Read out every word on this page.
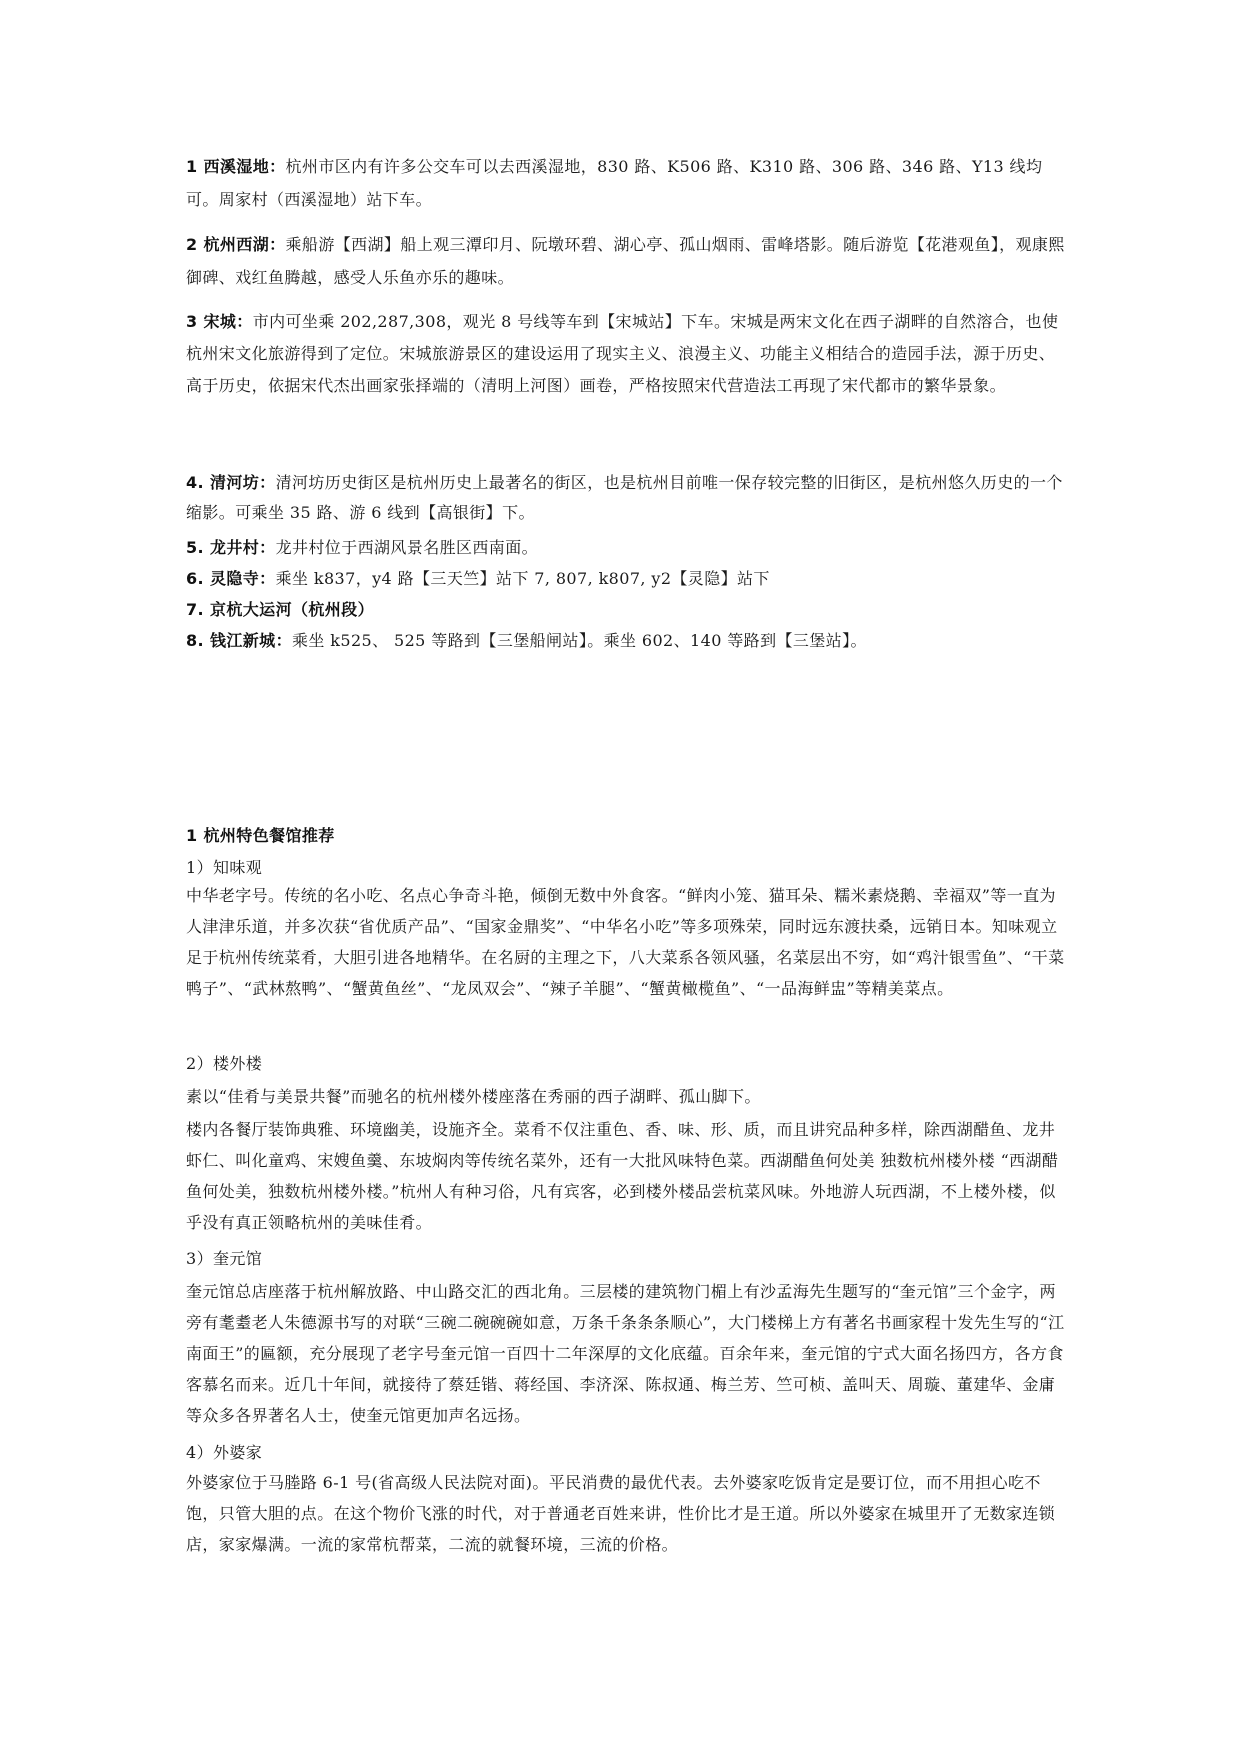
1 西溪湿地：杭州市区内有许多公交车可以去西溪湿地，830 路、K506 路、K310 路、306 路、346 路、Y13 线均可。周家村（西溪湿地）站下车。
2 杭州西湖：乘船游【西湖】船上观三潭印月、阮墩环碧、湖心亭、孤山烟雨、雷峰塔影。随后游览【花港观鱼】，观康熙御碑、戏红鱼腾越，感受人乐鱼亦乐的趣味。
3 宋城：市内可坐乘 202,287,308，观光 8 号线等车到【宋城站】下车。宋城是两宋文化在西子湖畔的自然溶合，也使杭州宋文化旅游得到了定位。宋城旅游景区的建设运用了现实主义、浪漫主义、功能主义相结合的造园手法，源于历史、高于历史，依据宋代杰出画家张择端的（清明上河图）画卷，严格按照宋代营造法工再现了宋代都市的繁华景象。
4. 清河坊：清河坊历史街区是杭州历史上最著名的街区，也是杭州目前唯一保存较完整的旧街区，是杭州悠久历史的一个缩影。可乘坐 35 路、游 6 线到【高银街】下。
5. 龙井村：龙井村位于西湖风景名胜区西南面。
6. 灵隐寺：乘坐 k837，y4 路【三天竺】站下 7, 807, k807, y2【灵隐】站下
7. 京杭大运河（杭州段）
8. 钱江新城：乘坐 k525、 525 等路到【三堡船闸站】。乘坐 602、140 等路到【三堡站】。
1 杭州特色餐馆推荐
1）知味观
中华老字号。传统的名小吃、名点心争奇斗艳，倾倒无数中外食客。“鲜肉小笼、猫耳朵、糯米素烧鹅、幸福双”等一直为人津津乐道，并多次获“省优质产品”、“国家金鼎奖”、“中华名小吃”等多项殊荣，同时远东渡扶桑，远销日本。知味观立足于杭州传统菜肴，大胆引进各地精华。在名厨的主理之下，八大菜系各领风骚，名菜层出不穷，如“鸡汁银雪鱼”、“干菜鸭子”、“武林熬鸭”、“蟹黄鱼丝”、“龙凤双会”、“辣子羊腿”、“蟹黄橄榄鱼”、“一品海鲜盅”等精美菜点。
2）楼外楼
素以“佳肴与美景共餐”而驰名的杭州楼外楼座落在秀丽的西子湖畔、孤山脚下。
楼内各餐厅装饰典雅、环境幽美，设施齐全。菜肴不仅注重色、香、味、形、质，而且讲究品种多样，除西湖醋鱼、龙井虾仁、叫化童鸡、宋嫂鱼羹、东坡焖肉等传统名菜外，还有一大批风味特色菜。西湖醋鱼何处美 独数杭州楼外楼 “西湖醋鱼何处美，独数杭州楼外楼。”杭州人有种习俗，凡有宾客，必到楼外楼品尝杭菜风味。外地游人玩西湖，不上楼外楼，似乎没有真正领略杭州的美味佳肴。
3）奎元馆
奎元馆总店座落于杭州解放路、中山路交汇的西北角。三层楼的建筑物门楣上有沙孟海先生题写的“奎元馆”三个金字，两旁有耄耋老人朱德源书写的对联“三碗二碗碗碗如意，万条千条条条顺心”，大门楼梯上方有著名书画家程十发先生写的“江南面王”的匾额，充分展现了老字号奎元馆一百四十二年深厚的文化底蕴。百余年来，奎元馆的宁式大面名扬四方，各方食客慕名而来。近几十年间，就接待了蔡廷锴、蒋经国、李济深、陈叔通、梅兰芳、竺可桢、盖叫天、周璇、董建华、金庸等众多各界著名人士，使奎元馆更加声名远扬。
4）外婆家
外婆家位于马塍路 6-1 号(省高级人民法院对面)。平民消费的最优代表。去外婆家吃饭肯定是要订位，而不用担心吃不饱，只管大胆的点。在这个物价飞涨的时代，对于普通老百姓来讲，性价比才是王道。所以外婆家在城里开了无数家连锁店，家家爆满。一流的家常杭帮菜，二流的就餐环境，三流的价格。
